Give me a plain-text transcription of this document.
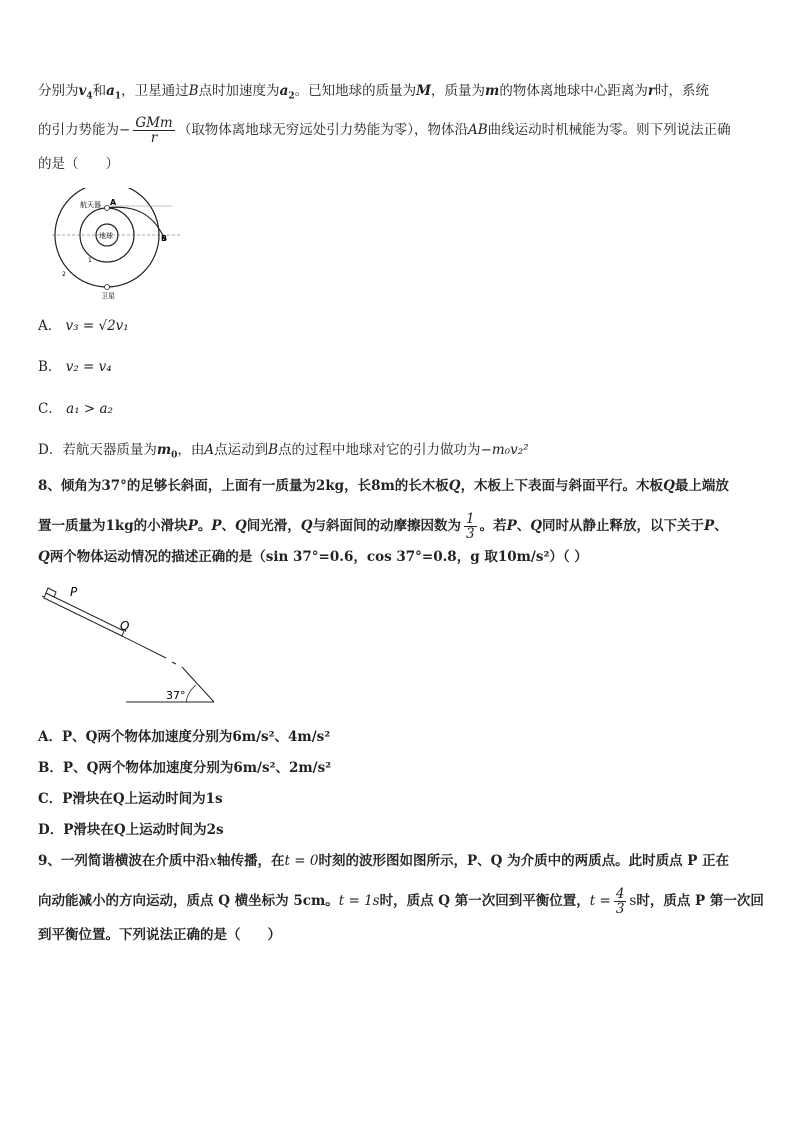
分别为$v_4$和$a_1$，卫星通过B点时加速度为$a_2$。已知地球的质量为M，质量为m的物体离地球中心距离为r时，系统
的引力势能为− $\frac{\text{GMm}}{r}$ （取物体离地球无穷远处引力势能为零），物体沿AB曲线运动时机械能为零。则下列说法正确
的是（　　）
航天器 A
B
地球
1
2
卫星
A． v₃ = √2v₁
B． v₂ = v₄
C． a₁ > a₂
D．若航天器质量为$m_0$，由A点运动到B点的过程中地球对它的引力做功为−m₀v₂²
8、倾角为37°的足够长斜面，上面有一质量为2kg，长8m的长木板Q，木板上下表面与斜面平行。木板Q最上端放
置一质量为1kg的小滑块P。P、Q间光滑，Q与斜面间的动摩擦因数为 $\frac{1}{3}$ 。若P、Q同时从静止释放，以下关于P、
Q两个物体运动情况的描述正确的是（sin 37°=0.6，cos 37°=0.8，g 取10m/s²）（ ）
P
Q
37°
A．P、Q两个物体加速度分别为6m/s²、4m/s²
B．P、Q两个物体加速度分别为6m/s²、2m/s²
C．P滑块在Q上运动时间为1s
D．P滑块在Q上运动时间为2s
9、一列简谐横波在介质中沿x轴传播，在t = 0时刻的波形图如图所示，P、Q 为介质中的两质点。此时质点 P 正在
向动能减小的方向运动，质点 Q 横坐标为 5cm。t = 1s时，质点 Q 第一次回到平衡位置，$t = \frac{4}{3}$ s时，质点 P 第一次回
到平衡位置。下列说法正确的是（　　）
